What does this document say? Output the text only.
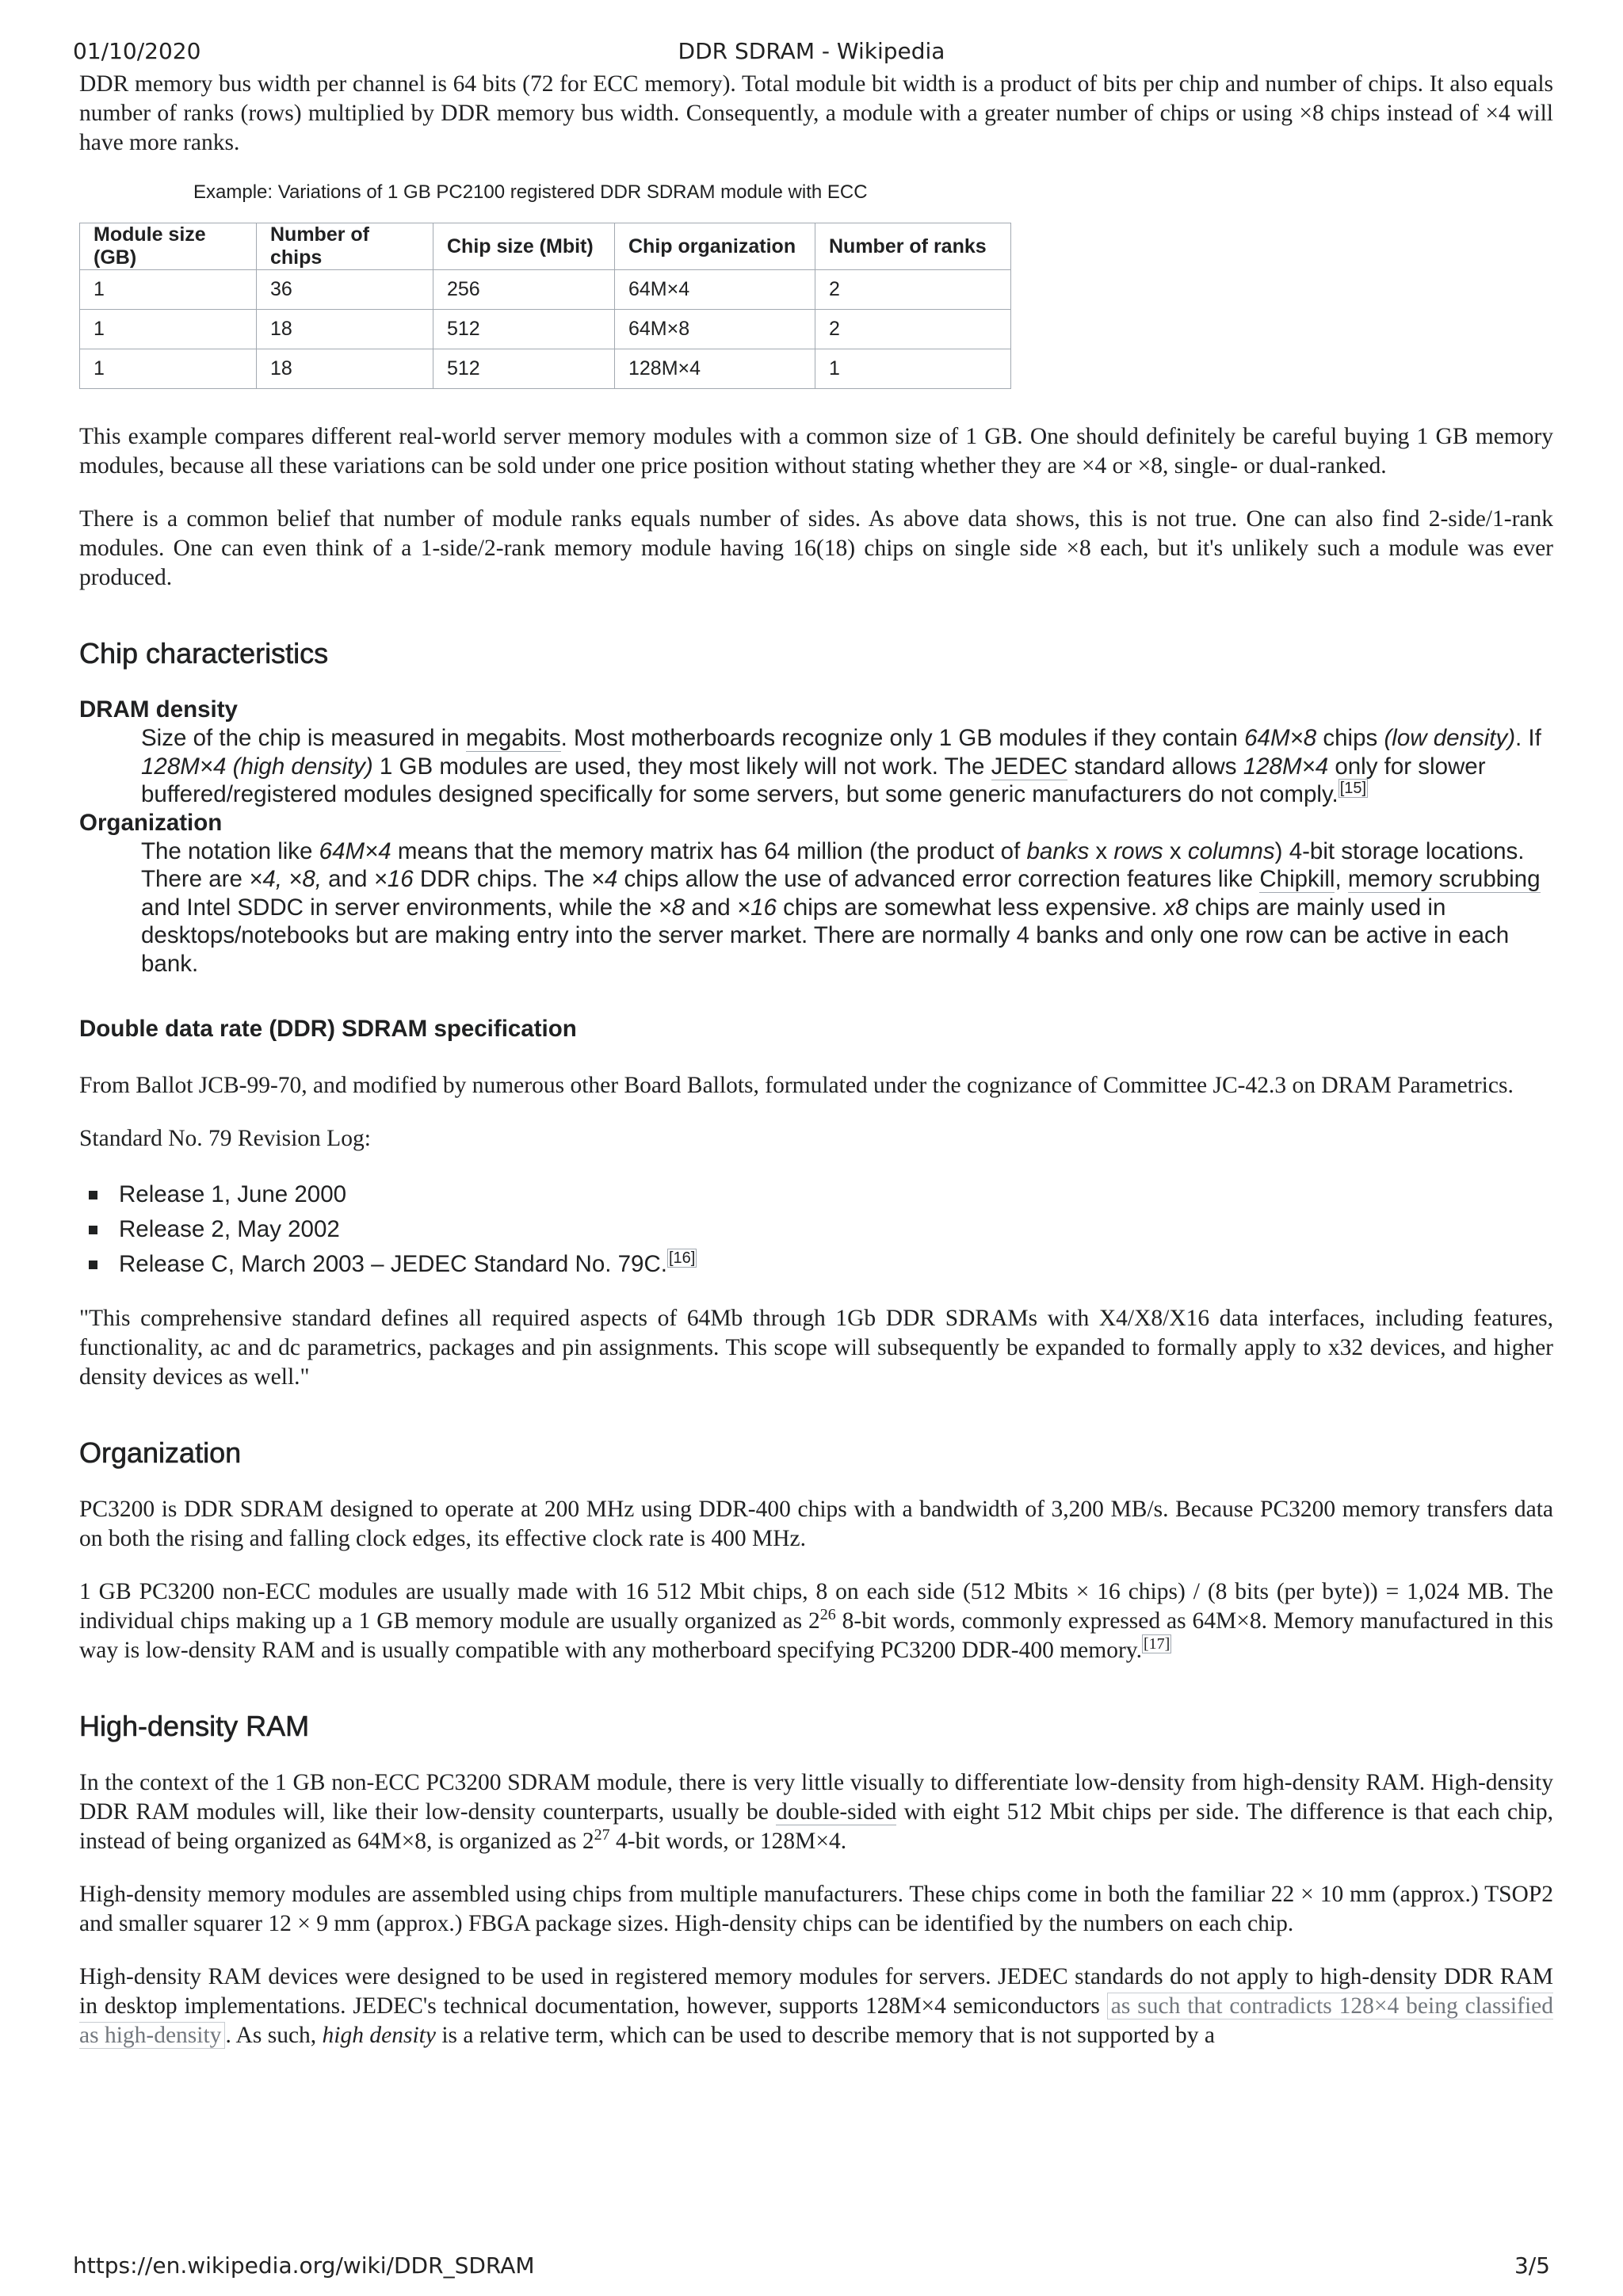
01/10/2020	DDR SDRAM - Wikipedia

DDR memory bus width per channel is 64 bits (72 for ECC memory). Total module bit width is a product of bits per chip and number of chips. It also equals number of ranks (rows) multiplied by DDR memory bus width. Consequently, a module with a greater number of chips or using ×8 chips instead of ×4 will have more ranks.

Example: Variations of 1 GB PC2100 registered DDR SDRAM module with ECC
Module size (GB)	Number of chips	Chip size (Mbit)	Chip organization	Number of ranks
1	36	256	64M×4	2
1	18	512	64M×8	2
1	18	512	128M×4	1

This example compares different real-world server memory modules with a common size of 1 GB. One should definitely be careful buying 1 GB memory modules, because all these variations can be sold under one price position without stating whether they are ×4 or ×8, single- or dual-ranked.

There is a common belief that number of module ranks equals number of sides. As above data shows, this is not true. One can also find 2-side/1-rank modules. One can even think of a 1-side/2-rank memory module having 16(18) chips on single side ×8 each, but it's unlikely such a module was ever produced.

Chip characteristics
DRAM density
Size of the chip is measured in megabits. Most motherboards recognize only 1 GB modules if they contain 64M×8 chips (low density). If 128M×4 (high density) 1 GB modules are used, they most likely will not work. The JEDEC standard allows 128M×4 only for slower buffered/registered modules designed specifically for some servers, but some generic manufacturers do not comply. [15]
Organization
The notation like 64M×4 means that the memory matrix has 64 million (the product of banks x rows x columns) 4-bit storage locations. There are ×4, ×8, and ×16 DDR chips. The ×4 chips allow the use of advanced error correction features like Chipkill, memory scrubbing and Intel SDDC in server environments, while the ×8 and ×16 chips are somewhat less expensive. x8 chips are mainly used in desktops/notebooks but are making entry into the server market. There are normally 4 banks and only one row can be active in each bank.
Double data rate (DDR) SDRAM specification

From Ballot JCB-99-70, and modified by numerous other Board Ballots, formulated under the cognizance of Committee JC-42.3 on DRAM Parametrics.

Standard No. 79 Revision Log:

Release 1, June 2000
Release 2, May 2002
Release C, March 2003 – JEDEC Standard No. 79C. [16]

"This comprehensive standard defines all required aspects of 64Mb through 1Gb DDR SDRAMs with X4/X8/X16 data interfaces, including features, functionality, ac and dc parametrics, packages and pin assignments. This scope will subsequently be expanded to formally apply to x32 devices, and higher density devices as well."

Organization

PC3200 is DDR SDRAM designed to operate at 200 MHz using DDR-400 chips with a bandwidth of 3,200 MB/s. Because PC3200 memory transfers data on both the rising and falling clock edges, its effective clock rate is 400 MHz.

1 GB PC3200 non-ECC modules are usually made with 16 512 Mbit chips, 8 on each side (512 Mbits × 16 chips) / (8 bits (per byte)) = 1,024 MB. The individual chips making up a 1 GB memory module are usually organized as $2^{26}$ 8-bit words, commonly expressed as 64M×8. Memory manufactured in this way is low-density RAM and is usually compatible with any motherboard specifying PC3200 DDR-400 memory. [17]

High-density RAM

In the context of the 1 GB non-ECC PC3200 SDRAM module, there is very little visually to differentiate low-density from high-density RAM. High-density DDR RAM modules will, like their low-density counterparts, usually be double-sided with eight 512 Mbit chips per side. The difference is that each chip, instead of being organized as 64M×8, is organized as $2^{27}$ 4-bit words, or 128M×4.

High-density memory modules are assembled using chips from multiple manufacturers. These chips come in both the familiar 22 × 10 mm (approx.) TSOP2 and smaller squarer 12 × 9 mm (approx.) FBGA package sizes. High-density chips can be identified by the numbers on each chip.

High-density RAM devices were designed to be used in registered memory modules for servers. JEDEC standards do not apply to high-density DDR RAM in desktop implementations. JEDEC's technical documentation, however, supports 128M×4 semiconductors as such that contradicts 128×4 being classified as high-density . As such, high density is a relative term, which can be used to describe memory that is not supported by a

https://en.wikipedia.org/wiki/DDR_SDRAM	3/5
